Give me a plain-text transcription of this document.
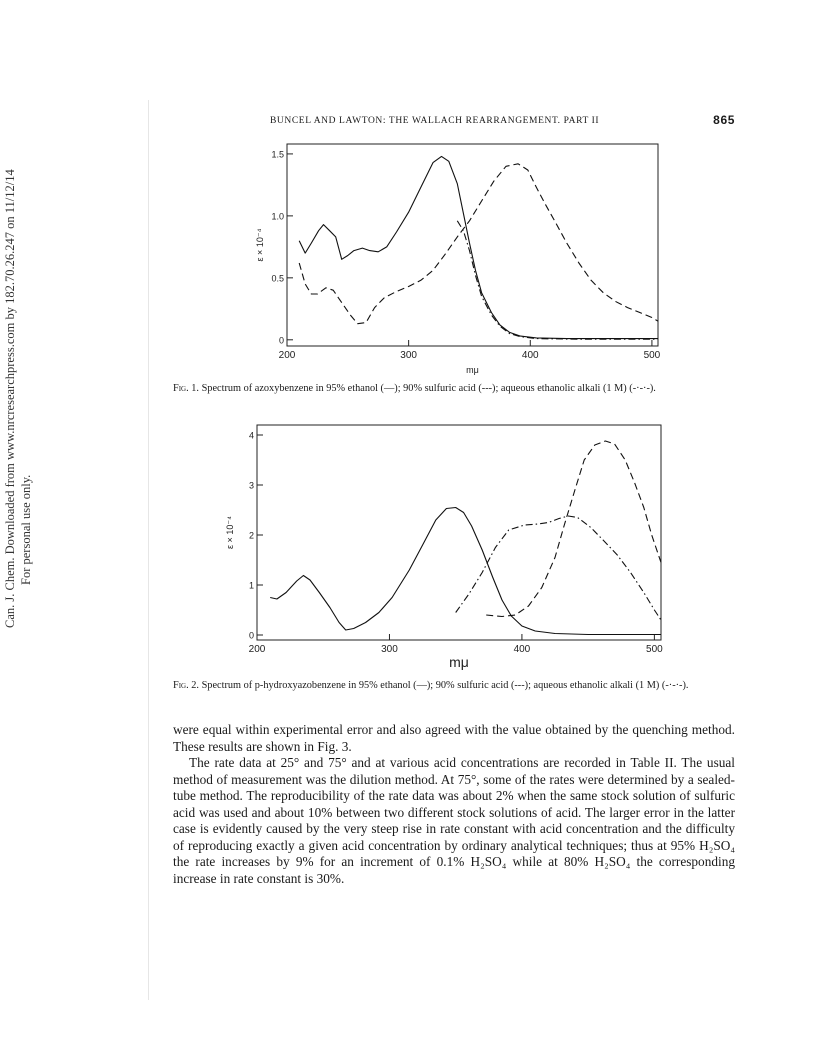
Can. J. Chem. Downloaded from www.nrcresearchpress.com by 182.70.26.247 on 11/12/14 For personal use only.
BUNCEL AND LAWTON: THE WALLACH REARRANGEMENT. PART II	865
200	300	400	500
0
0.5
1.0
1.5
mμ
ε × 10⁻⁴
Fig. 1. Spectrum of azoxybenzene in 95% ethanol (—); 90% sulfuric acid (---); aqueous ethanolic alkali (1 M) (-·-·-).
200	300	400	500
0
1
2
3
4
mμ
ε × 10⁻⁴
Fig. 2. Spectrum of p-hydroxyazobenzene in 95% ethanol (—); 90% sulfuric acid (---); aqueous ethanolic alkali (1 M) (-·-·-).

were equal within experimental error and also agreed with the value obtained by the quenching method. These results are shown in Fig. 3.

The rate data at 25° and 75° and at various acid concentrations are recorded in Table II. The usual method of measurement was the dilution method. At 75°, some of the rates were determined by a sealed-tube method. The reproducibility of the rate data was about 2% when the same stock solution of sulfuric acid was used and about 10% between two different stock solutions of acid. The larger error in the latter case is evidently caused by the very steep rise in rate constant with acid concentration and the difficulty of reproducing exactly a given acid concentration by ordinary analytical techniques; thus at 95% H₂SO₄ the rate increases by 9% for an increment of 0.1% H₂SO₄ while at 80% H₂SO₄ the corresponding increase in rate constant is 30%.
